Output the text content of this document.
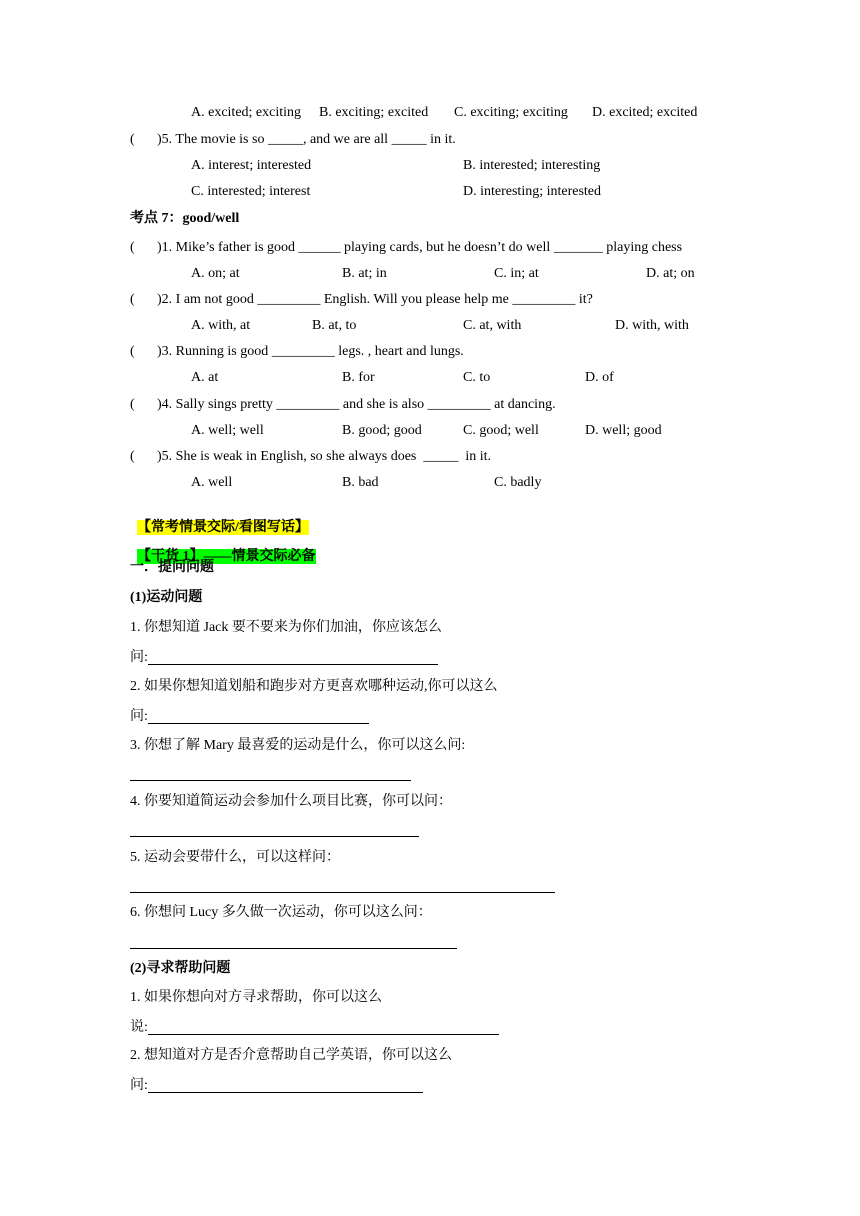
A. excited; exciting B. exciting; excited C. exciting; exciting D. excited; excited
( )5. The movie is so _____, and we are all _____ in it.
A. interest; interested	B. interested; interesting
C. interested; interest	D. interesting; interested
考点 7：good/well
( )1. Mike’s father is good ______ playing cards, but he doesn’t do well _______ playing chess
A. on; at	B. at; in	C. in; at	D. at; on
( )2. I am not good _________ English. Will you please help me _________ it?
A. with, at	B. at, to	C. at, with	D. with, with
( )3. Running is good _________ legs. , heart and lungs.
A. at	B. for	C. to	D. of
( )4. Sally sings pretty _________ and she is also _________ at dancing.
A. well; well	B. good; good	C. good; well	D. well; good
( )5. She is weak in English, so she always does  _____  in it.
A. well	B. bad	C. badly

【常考情景交际/看图写话】

【干货 1】——情景交际必备

一．提问问题
(1)运动问题
1. 你想知道 Jack 要不要来为你们加油，你应该怎么
问:
2. 如果你想知道划船和跑步对方更喜欢哪种运动,你可以这么
问:
3. 你想了解 Mary 最喜爱的运动是什么，你可以这么问:
4. 你要知道简运动会参加什么项目比赛，你可以问：
5. 运动会要带什么，可以这样问：
6. 你想问 Lucy 多久做一次运动，你可以这么问：
(2)寻求帮助问题
1. 如果你想向对方寻求帮助，你可以这么
说:
2. 想知道对方是否介意帮助自己学英语，你可以这么
问:
